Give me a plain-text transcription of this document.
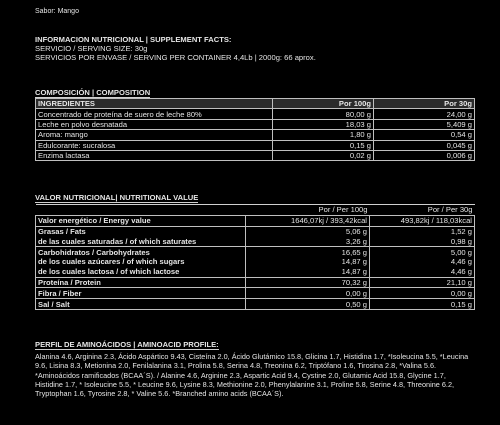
Sabor: Mango
INFORMACION NUTRICIONAL | SUPPLEMENT FACTS:
SERVICIO / SERVING SIZE: 30g
SERVICIOS POR ENVASE / SERVING PER CONTAINER 4,4Lb | 2000g: 66 aprox.
COMPOSICIÓN | COMPOSITION
INGREDIENTES	Por 100g	Por 30g
Concentrado de proteína de suero de leche 80%	80,00 g	24,00 g
Leche en polvo desnatada	18,03 g	5,409 g
Aroma: mango	1,80 g	0,54 g
Edulcorante: sucralosa	0,15 g	0,045 g
Enzima lactasa	0,02 g	0,006 g
VALOR NUTRICIONAL| NUTRITIONAL VALUE
	Por / Per 100g	Por / Per 30g
Valor energético / Energy value	1646,07kj / 393,42kcal	493,82kj / 118,03kcal
Grasas / Fats	5,06 g	1,52 g
de las cuales saturadas / of which saturates	3,26 g	0,98 g
Carbohidratos / Carbohydrates	16,65 g	5,00 g
de los cuales azúcares / of which sugars	14,87 g	4,46 g
de los cuales lactosa / of which lactose	14,87 g	4,46 g
Proteína / Protein	70,32 g	21,10 g
Fibra / Fiber	0,00 g	0,00 g
Sal / Salt	0,50 g	0,15 g
PERFIL DE AMINOÁCIDOS | AMINOACID PROFILE:
Alanina 4.6, Arginina 2.3, Ácido Aspártico 9.43, Cisteína 2.0, Ácido Glutámico 15.8, Glicina 1.7, Histidina 1.7, *Isoleucina 5.5, *Leucina 9.6, Lisina 8.3, Metionina 2.0, Fenilalanina 3.1, Prolina 5.8, Serina 4.8, Treonina 6.2, Triptófano 1.6, Tirosina 2.8, *Valina 5.6. *Aminoácidos ramificados (BCAA´S). / Alanine 4.6, Arginine 2.3, Aspartic Acid 9.4, Cystine 2.0, Glutamic Acid 15.8, Glycine 1.7, Histidine 1.7, * Isoleucine 5.5, * Leucine 9.6, Lysine 8.3, Methionine 2.0, Phenylalanine 3.1, Proline 5.8, Serine 4.8, Threonine 6.2, Tryptophan 1.6, Tyrosine 2.8, * Valine 5.6. *Branched amino acids (BCAA´S).
